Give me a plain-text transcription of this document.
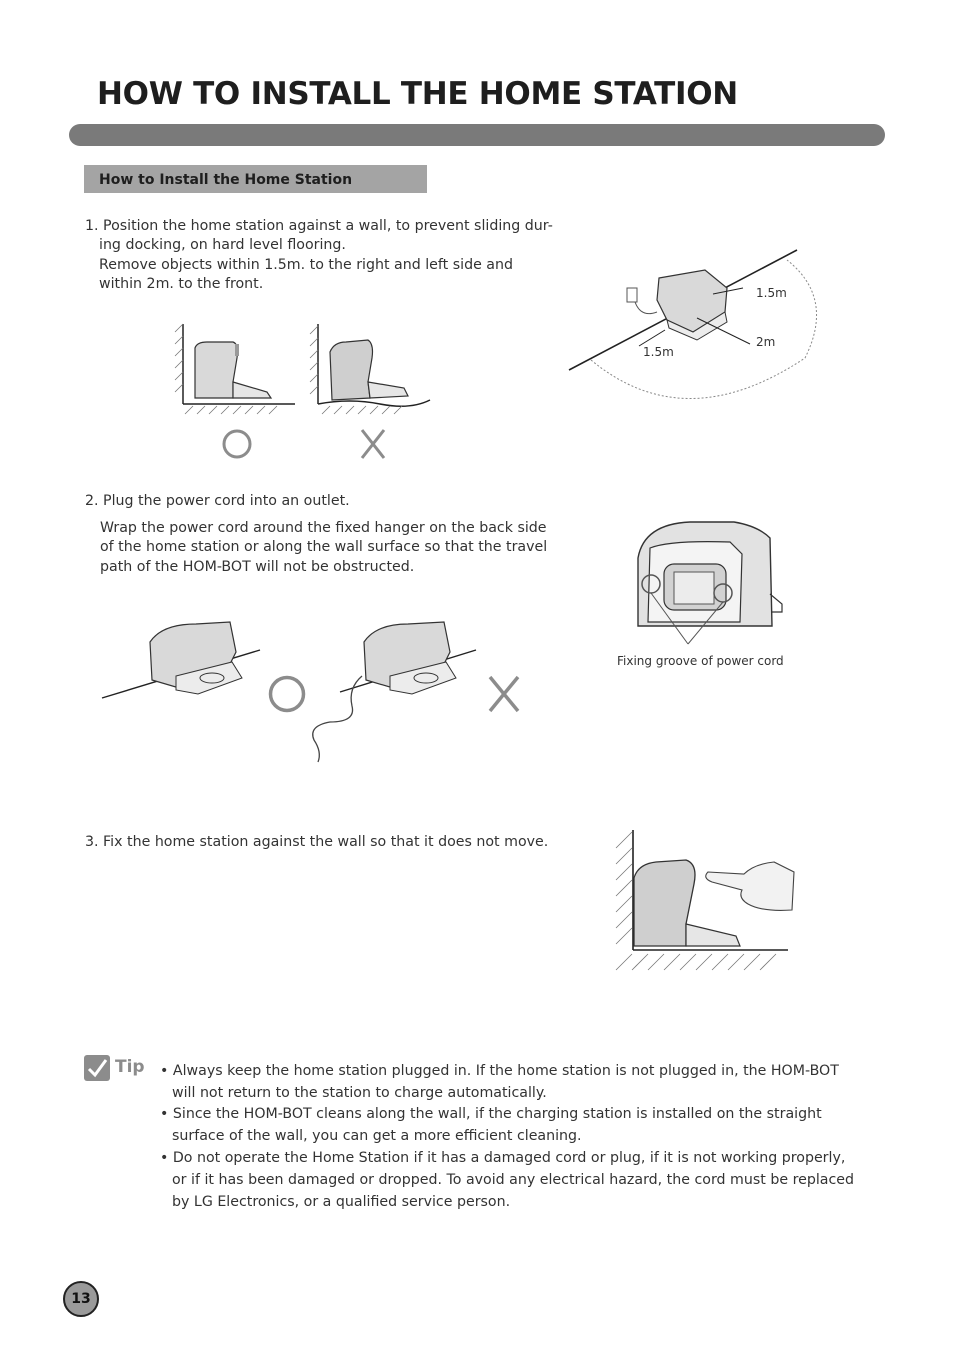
HOW TO INSTALL THE HOME STATION
How to Install the Home Station
1. Position the home station against a wall, to prevent sliding dur-
ing docking, on hard level flooring.
Remove objects within 1.5m. to the right and left side and
within 2m. to the front.
1.5m
2m
1.5m
2. Plug the power cord into an outlet.
Wrap the power cord around the fixed hanger on the back side
of the home station or along the wall surface so that the travel
path of the HOM-BOT will not be obstructed.
Fixing groove of power cord
3. Fix the home station against the wall so that it does not move.
Tip • Always keep the home station plugged in. If the home station is not plugged in, the HOM-BOT
will not return to the station to charge automatically.
• Since the HOM-BOT cleans along the wall, if the charging station is installed on the straight
surface of the wall, you can get a more efficient cleaning.
• Do not operate the Home Station if it has a damaged cord or plug, if it is not working properly,
or if it has been damaged or dropped. To avoid any electrical hazard, the cord must be replaced
by LG Electronics, or a qualified service person.
13
